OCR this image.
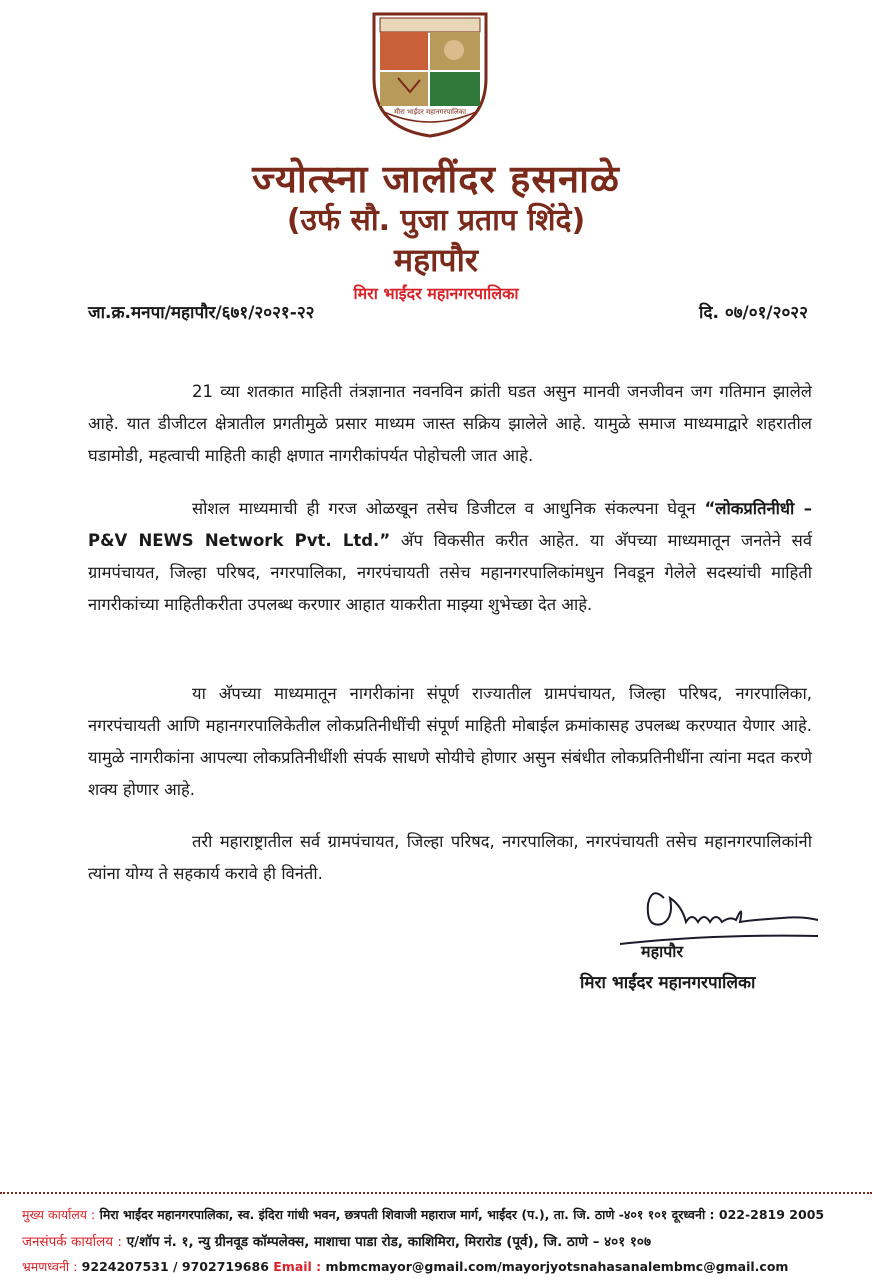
मीरा भाईंदर महानगरपालिका
ज्योत्स्ना जालींदर हसनाळे
(उर्फ सौ. पुजा प्रताप शिंदे)
महापौर
मिरा भाईंदर महानगरपालिका
जा.क्र.मनपा/महापौर/६७१/२०२१-२२	दि. ०७/०१/२०२२
21 व्या शतकात माहिती तंत्रज्ञानात नवनविन क्रांती घडत असुन मानवी जनजीवन जग गतिमान झालेले आहे. यात डीजीटल क्षेत्रातील प्रगतीमुळे प्रसार माध्यम जास्त सक्रिय झालेले आहे. यामुळे समाज माध्यमाद्वारे शहरातील घडामोडी, महत्वाची माहिती काही क्षणात नागरीकांपर्यत पोहोचली जात आहे.
सोशल माध्यमाची ही गरज ओळखून तसेच डिजीटल व आधुनिक संकल्पना घेवून “लोकप्रतिनीधी – P&V NEWS Network Pvt. Ltd.” अ‍ॅप विकसीत करीत आहेत. या अ‍ॅपच्या माध्यमातून जनतेने सर्व ग्रामपंचायत, जिल्हा परिषद, नगरपालिका, नगरपंचायती तसेच महानगरपालिकांमधुन निवडून गेलेले सदस्यांची माहिती नागरीकांच्या माहितीकरीता उपलब्ध करणार आहात याकरीता माझ्या शुभेच्छा देत आहे.
या अ‍ॅपच्या माध्यमातून नागरीकांना संपूर्ण राज्यातील ग्रामपंचायत, जिल्हा परिषद, नगरपालिका, नगरपंचायती आणि महानगरपालिकेतील लोकप्रतिनीधींची संपूर्ण माहिती मोबाईल क्रमांकासह उपलब्ध करण्यात येणार आहे. यामुळे नागरीकांना आपल्या लोकप्रतिनीधींशी संपर्क साधणे सोयीचे होणार असुन संबंधीत लोकप्रतिनीधींना त्यांना मदत करणे शक्य होणार आहे.
तरी महाराष्ट्रातील सर्व ग्रामपंचायत, जिल्हा परिषद, नगरपालिका, नगरपंचायती तसेच महानगरपालिकांनी त्यांना योग्य ते सहकार्य करावे ही विनंती.
महापौर
मिरा भाईंदर महानगरपालिका
मुख्य कार्यालय : मिरा भाईंदर महानगरपालिका, स्व. इंदिरा गांधी भवन, छत्रपती शिवाजी महाराज मार्ग, भाईंदर (प.), ता. जि. ठाणे -४०१ १०१ दूरध्वनी : 022-2819 2005
जनसंपर्क कार्यालय : ए/शॉप नं. १, न्यु ग्रीनवूड कॉम्पलेक्स, माशाचा पाडा रोड, काशिमिरा, मिरारोड (पूर्व), जि. ठाणे – ४०१ १०७
भ्रमणध्वनी : 9224207531 / 9702719686 Email : mbmcmayor@gmail.com/mayorjyotsnahasanalembmc@gmail.com
